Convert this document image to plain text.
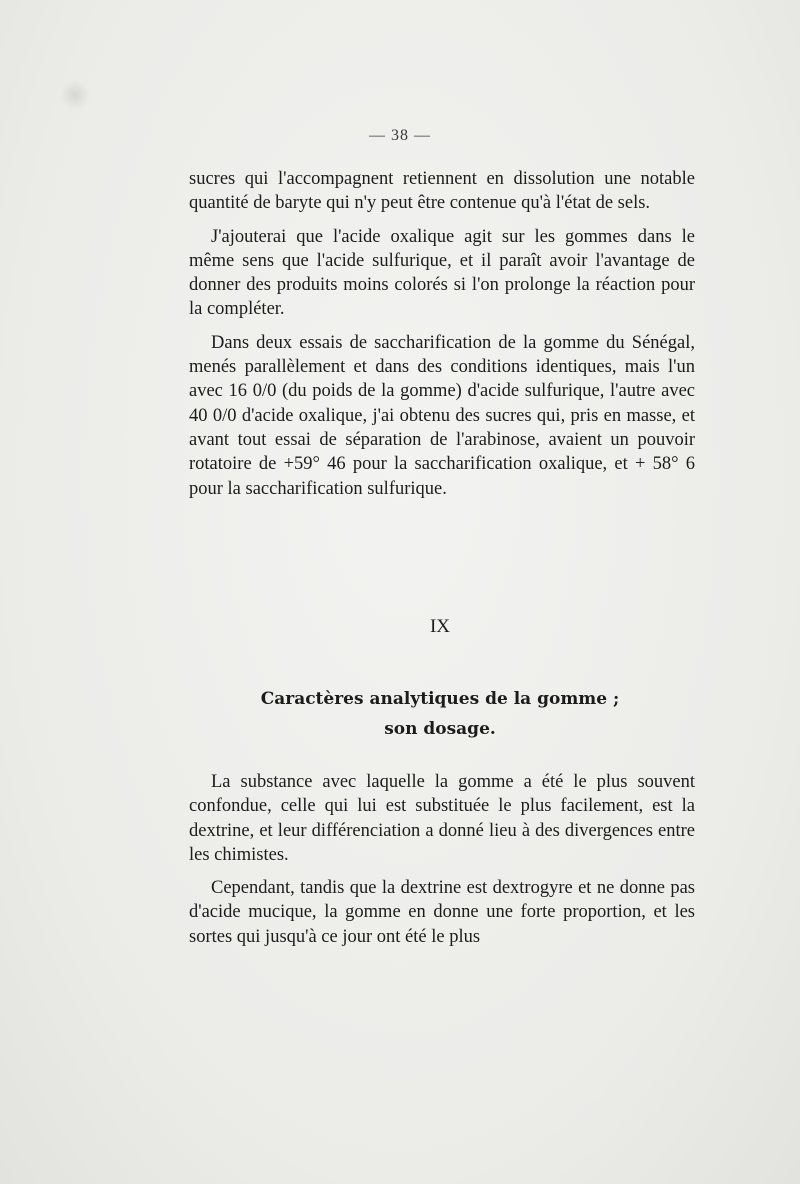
— 38 —

sucres qui l'accompagnent retiennent en dissolution une notable quantité de baryte qui n'y peut être contenue qu'à l'état de sels.

J'ajouterai que l'acide oxalique agit sur les gommes dans le même sens que l'acide sulfurique, et il paraît avoir l'avantage de donner des produits moins colorés si l'on prolonge la réaction pour la compléter.

Dans deux essais de saccharification de la gomme du Sénégal, menés parallèlement et dans des conditions identiques, mais l'un avec 16 0/0 (du poids de la gomme) d'acide sulfurique, l'autre avec 40 0/0 d'acide oxalique, j'ai obtenu des sucres qui, pris en masse, et avant tout essai de séparation de l'arabinose, avaient un pouvoir rotatoire de +59° 46 pour la saccharification oxalique, et + 58° 6 pour la saccharification sulfurique.

IX
Caractères analytiques de la gomme ;
son dosage.

La substance avec laquelle la gomme a été le plus souvent confondue, celle qui lui est substituée le plus facilement, est la dextrine, et leur différenciation a donné lieu à des divergences entre les chimistes.

Cependant, tandis que la dextrine est dextrogyre et ne donne pas d'acide mucique, la gomme en donne une forte proportion, et les sortes qui jusqu'à ce jour ont été le plus
